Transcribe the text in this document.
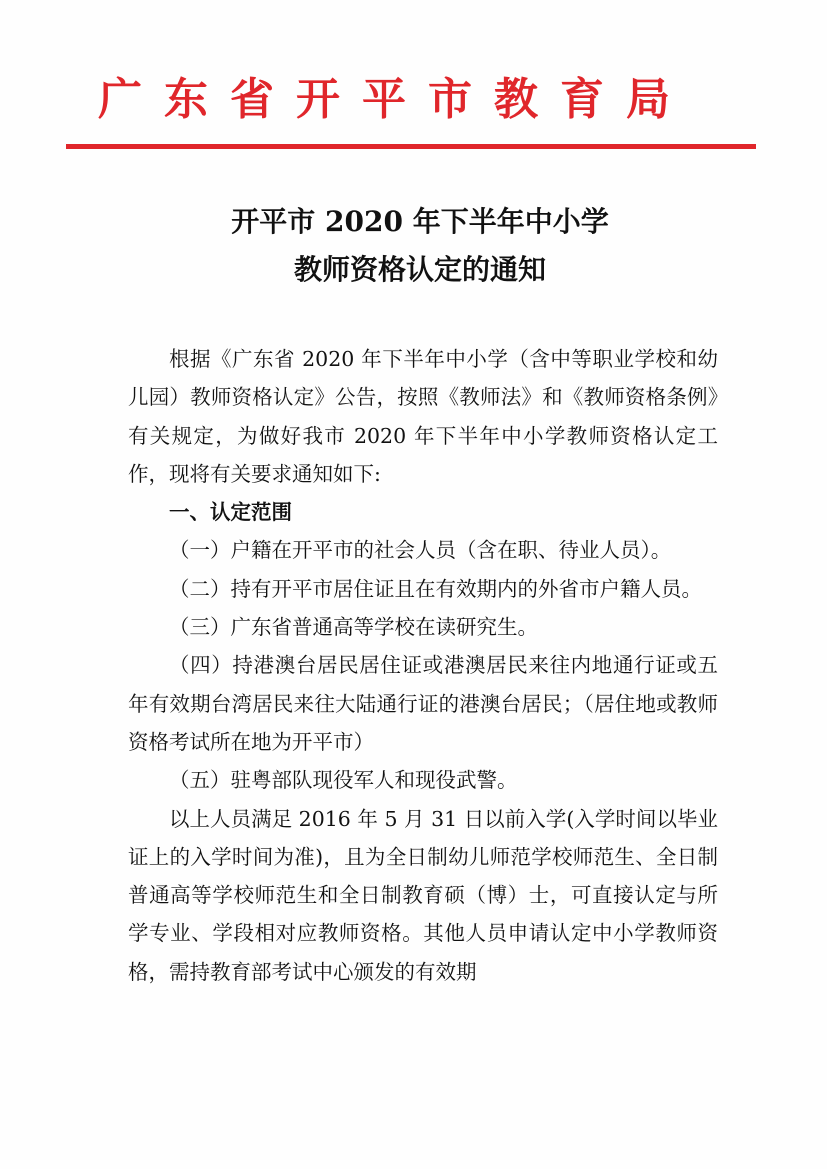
广东省开平市教育局
开平市 2020 年下半年中小学
教师资格认定的通知

根据《广东省 2020 年下半年中小学（含中等职业学校和幼儿园）教师资格认定》公告，按照《教师法》和《教师资格条例》有关规定，为做好我市 2020 年下半年中小学教师资格认定工作，现将有关要求通知如下:

一、认定范围

（一）户籍在开平市的社会人员（含在职、待业人员）。

（二）持有开平市居住证且在有效期内的外省市户籍人员。

（三）广东省普通高等学校在读研究生。

（四）持港澳台居民居住证或港澳居民来往内地通行证或五年有效期台湾居民来往大陆通行证的港澳台居民；（居住地或教师资格考试所在地为开平市）

（五）驻粤部队现役军人和现役武警。

以上人员满足 2016 年 5 月 31 日以前入学(入学时间以毕业证上的入学时间为准)，且为全日制幼儿师范学校师范生、全日制普通高等学校师范生和全日制教育硕（博）士，可直接认定与所学专业、学段相对应教师资格。其他人员申请认定中小学教师资格，需持教育部考试中心颁发的有效期
